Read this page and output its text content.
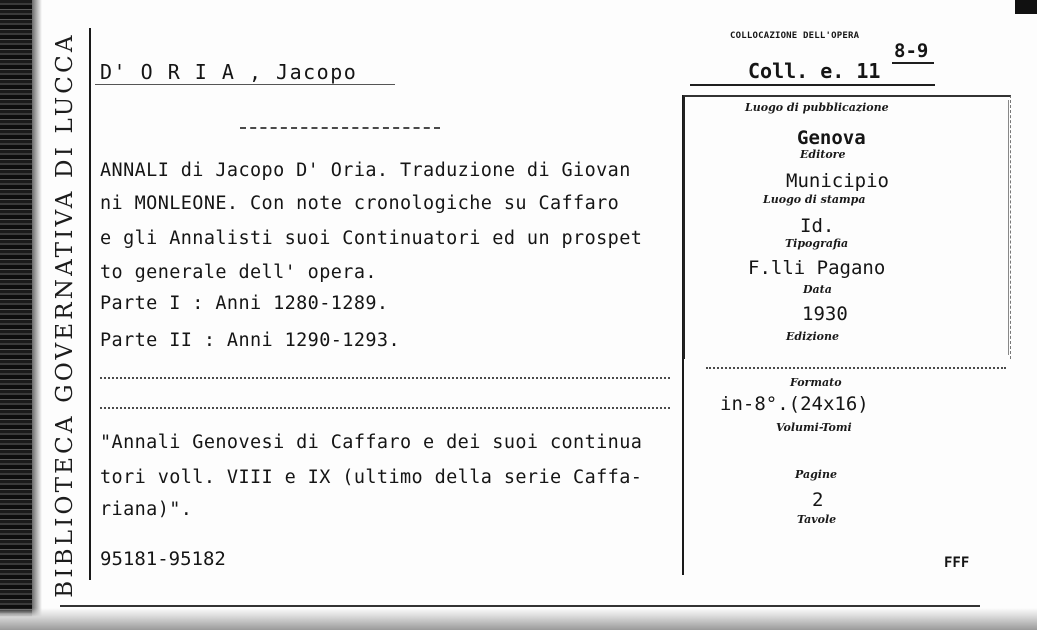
BIBLIOTECA GOVERNATIVA DI LUCCA D' O R I A , Jacopo
COLLOCAZIONE DELL'OPERA
Coll. e. 11
8-9
ANNALI di Jacopo D' Oria. Traduzione di Giovan
ni MONLEONE. Con note cronologiche su Caffaro
e gli Annalisti suoi Continuatori ed un prospet
to generale dell' opera.
Parte I : Anni 1280-1289.
Parte II : Anni 1290-1293.
"Annali Genovesi di Caffaro e dei suoi continua
tori voll. VIII e IX (ultimo della serie Caffa-
riana)".
95181-95182	FFF
Luogo di pubblicazione
Genova
Editore
Municipio
Luogo di stampa
Id.
Tipografia
F.lli Pagano
Data
1930
Edizione
Formato
in-8°.(24x16)
Volumi-Tomi
Pagine
2
Tavole
